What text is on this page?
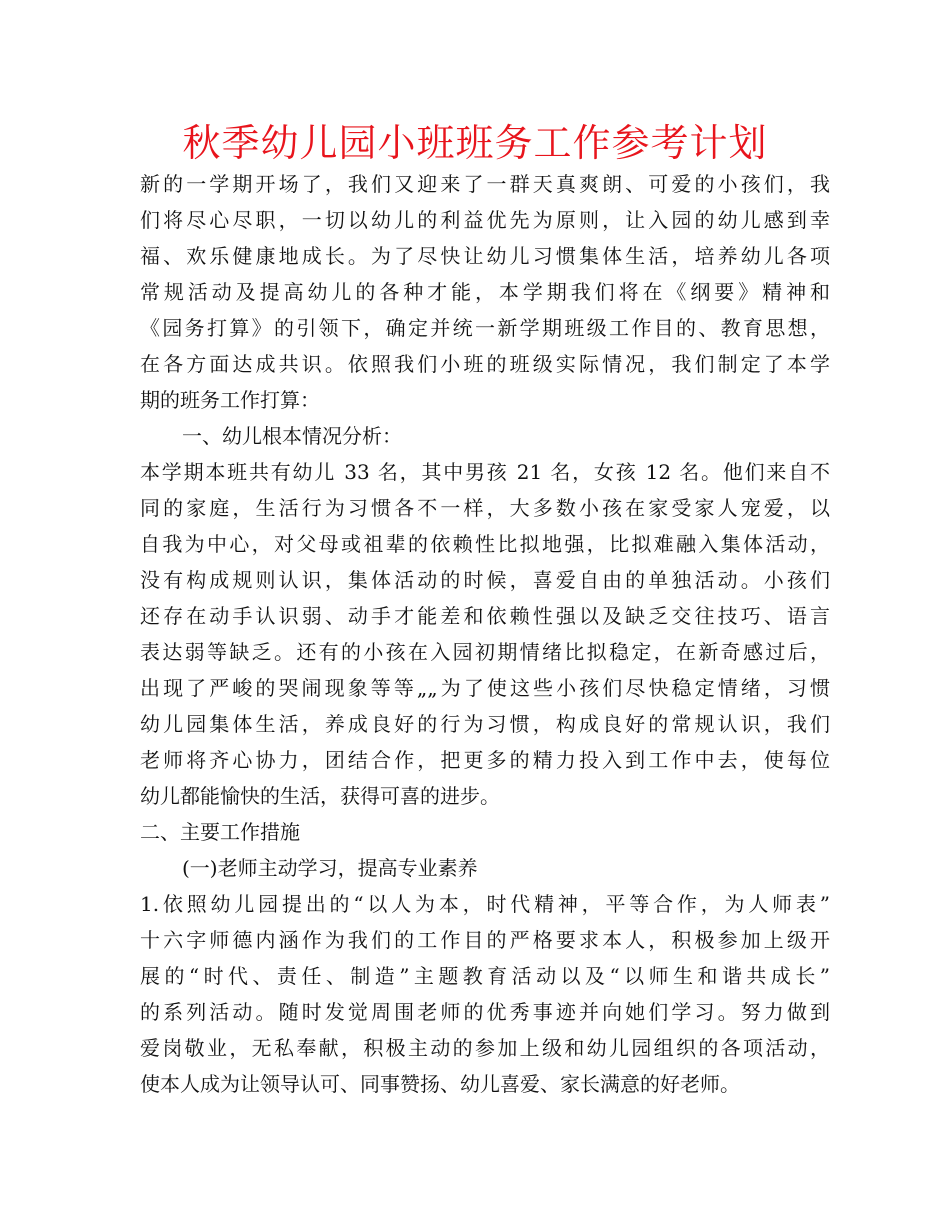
秋季幼儿园小班班务工作参考计划
新的一学期开场了，我们又迎来了一群天真爽朗、可爱的小孩们，我
们将尽心尽职，一切以幼儿的利益优先为原则，让入园的幼儿感到幸
福、欢乐健康地成长。为了尽快让幼儿习惯集体生活，培养幼儿各项
常规活动及提高幼儿的各种才能，本学期我们将在《纲要》精神和
《园务打算》的引领下，确定并统一新学期班级工作目的、教育思想，
在各方面达成共识。依照我们小班的班级实际情况，我们制定了本学
期的班务工作打算：
一、幼儿根本情况分析：
本学期本班共有幼儿 33 名，其中男孩 21 名，女孩 12 名。他们来自不
同的家庭，生活行为习惯各不一样，大多数小孩在家受家人宠爱，以
自我为中心，对父母或祖辈的依赖性比拟地强，比拟难融入集体活动，
没有构成规则认识，集体活动的时候，喜爱自由的单独活动。小孩们
还存在动手认识弱、动手才能差和依赖性强以及缺乏交往技巧、语言
表达弱等缺乏。还有的小孩在入园初期情绪比拟稳定，在新奇感过后，
出现了严峻的哭闹现象等等„„为了使这些小孩们尽快稳定情绪，习惯
幼儿园集体生活，养成良好的行为习惯，构成良好的常规认识，我们
老师将齐心协力，团结合作，把更多的精力投入到工作中去，使每位
幼儿都能愉快的生活，获得可喜的进步。
二、主要工作措施
(一)老师主动学习，提高专业素养
1.依照幼儿园提出的“以人为本，时代精神，平等合作，为人师表”
十六字师德内涵作为我们的工作目的严格要求本人，积极参加上级开
展的“时代、责任、制造”主题教育活动以及“以师生和谐共成长”
的系列活动。随时发觉周围老师的优秀事迹并向她们学习。努力做到
爱岗敬业，无私奉献，积极主动的参加上级和幼儿园组织的各项活动，
使本人成为让领导认可、同事赞扬、幼儿喜爱、家长满意的好老师。
